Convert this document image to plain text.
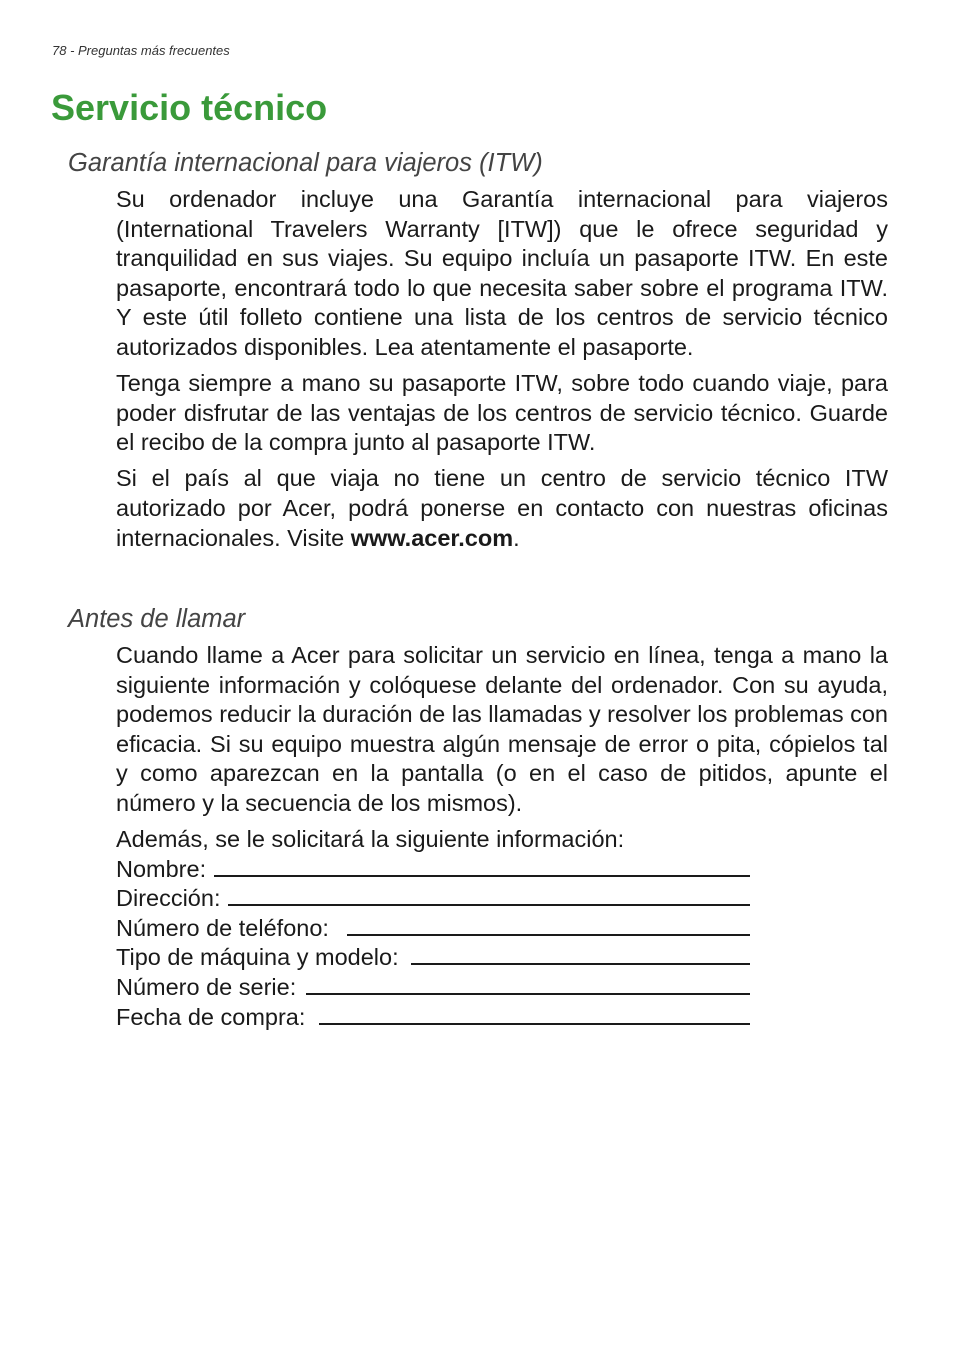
78 - Preguntas más frecuentes
Servicio técnico
Garantía internacional para viajeros (ITW)

Su ordenador incluye una Garantía internacional para viajeros (International Travelers Warranty [ITW]) que le ofrece seguridad y tranquilidad en sus viajes. Su equipo incluía un pasaporte ITW. En este pasaporte, encontrará todo lo que necesita saber sobre el programa ITW. Y este útil folleto contiene una lista de los centros de servicio técnico autorizados disponibles. Lea atentamente el pasaporte.

Tenga siempre a mano su pasaporte ITW, sobre todo cuando viaje, para poder disfrutar de las ventajas de los centros de servicio técnico. Guarde el recibo de la compra junto al pasaporte ITW.

Si el país al que viaja no tiene un centro de servicio técnico ITW autorizado por Acer, podrá ponerse en contacto con nuestras oficinas internacionales. Visite www.acer.com.

Antes de llamar

Cuando llame a Acer para solicitar un servicio en línea, tenga a mano la siguiente información y colóquese delante del ordenador. Con su ayuda, podemos reducir la duración de las llamadas y resolver los problemas con eficacia. Si su equipo muestra algún mensaje de error o pita, cópielos tal y como aparezcan en la pantalla (o en el caso de pitidos, apunte el número y la secuencia de los mismos).

Además, se le solicitará la siguiente información:

Nombre:
Dirección:
Número de teléfono:
Tipo de máquina y modelo:
Número de serie:
Fecha de compra:
